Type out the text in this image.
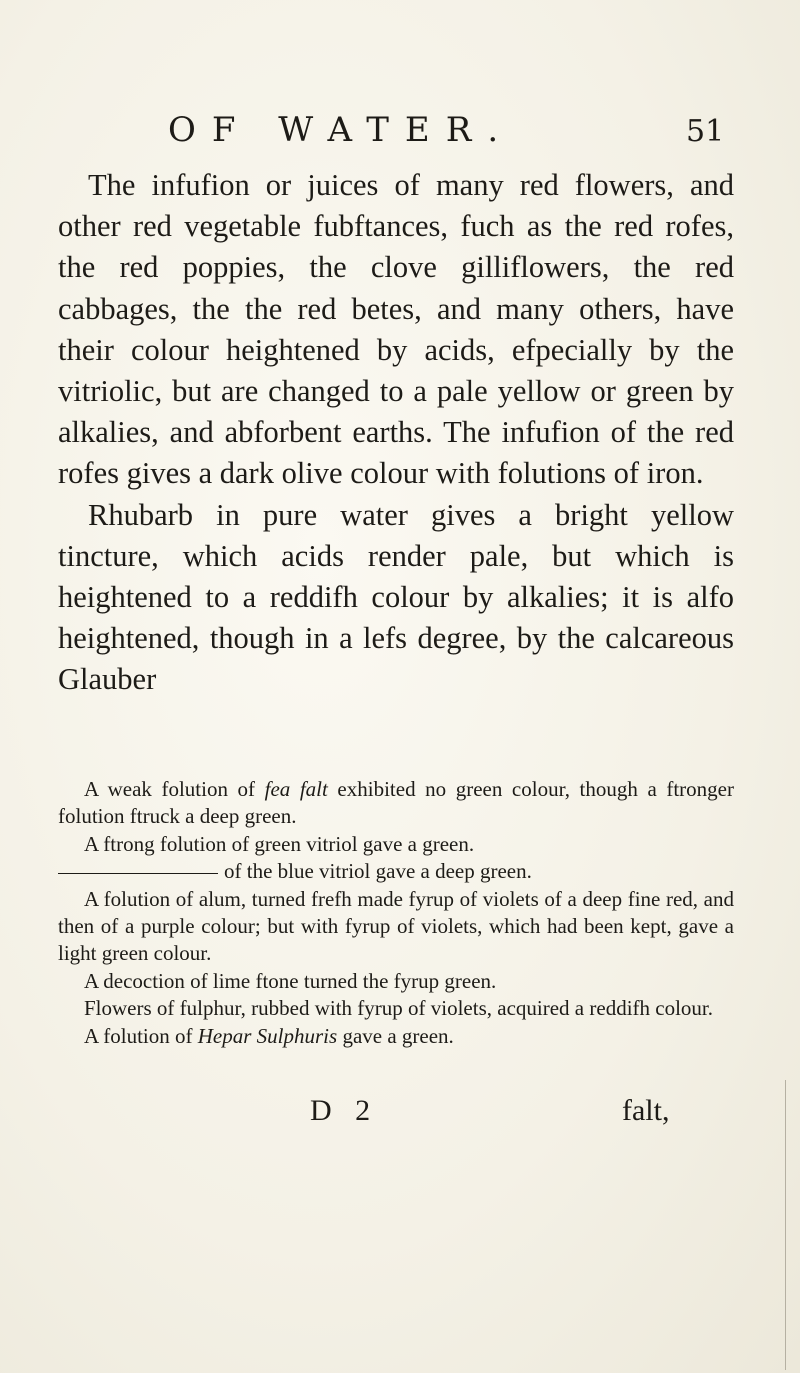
OF WATER.	51

The infufion or juices of many red flowers, and other red vegetable fubftances, fuch as the red rofes, the red poppies, the clove gilliflowers, the red cabbages, the the red betes, and many others, have their colour heightened by acids, efpecially by the vitriolic, but are changed to a pale yellow or green by alkalies, and abforbent earths. The infufion of the red rofes gives a dark olive colour with folutions of iron.

Rhubarb in pure water gives a bright yellow tincture, which acids render pale, but which is heightened to a reddifh colour by alkalies; it is alfo heightened, though in a lefs degree, by the calcareous Glauber

A weak folution of fea falt exhibited no green colour, though a ftronger folution ftruck a deep green.

A ftrong folution of green vitriol gave a green.

of the blue vitriol gave a deep green.

A folution of alum, turned frefh made fyrup of violets of a deep fine red, and then of a purple colour; but with fyrup of violets, which had been kept, gave a light green colour.

A decoction of lime ftone turned the fyrup green.

Flowers of fulphur, rubbed with fyrup of violets, acquired a reddifh colour.

A folution of Hepar Sulphuris gave a green.

D 2	falt,
